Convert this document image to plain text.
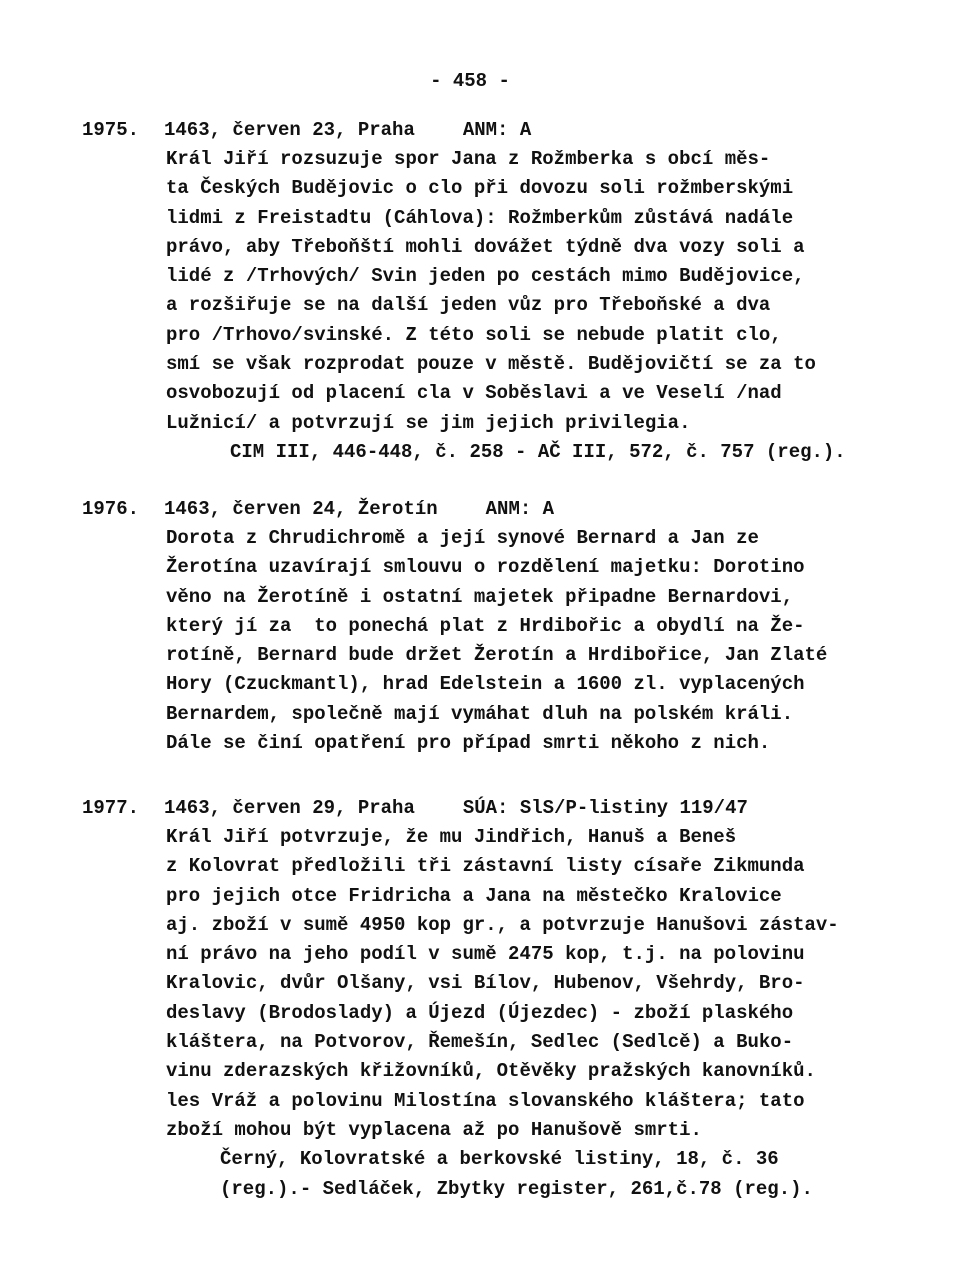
- 458 -
1975.	1463, červen 23, Praha	ANM: A
Král Jiří rozsuzuje spor Jana z Rožmberka s obcí měs-
ta Českých Budějovic o clo při dovozu soli rožmberskými
lidmi z Freistadtu (Cáhlova): Rožmberkům zůstává nadále
právo, aby Třeboňští mohli dovážet týdně dva vozy soli a
lidé z /Trhových/ Svin jeden po cestách mimo Budějovice,
a rozšiřuje se na další jeden vůz pro Třeboňské a dva
pro /Trhovo/svinské. Z této soli se nebude platit clo,
smí se však rozprodat pouze v městě. Budějovičtí se za to
osvobozují od placení cla v Soběslavi a ve Veselí /nad
Lužnicí/ a potvrzují se jim jejich privilegia.
CIM III, 446-448, č. 258 - AČ III, 572, č. 757 (reg.).
1976.	1463, červen 24, Žerotín	ANM: A
Dorota z Chrudichromě a její synové Bernard a Jan ze
Žerotína uzavírají smlouvu o rozdělení majetku: Dorotino
věno na Žerotíně i ostatní majetek připadne Bernardovi,
který jí za  to ponechá plat z Hrdibořic a obydlí na Že-
rotíně, Bernard bude držet Žerotín a Hrdibořice, Jan Zlaté
Hory (Czuckmantl), hrad Edelstein a 1600 zl. vyplacených
Bernardem, společně mají vymáhat dluh na polském králi.
Dále se činí opatření pro případ smrti někoho z nich.
1977.	1463, červen 29, Praha	SÚA: SlS/P-listiny 119/47
Král Jiří potvrzuje, že mu Jindřich, Hanuš a Beneš
z Kolovrat předložili tři zástavní listy císaře Zikmunda
pro jejich otce Fridricha a Jana na městečko Kralovice
aj. zboží v sumě 4950 kop gr., a potvrzuje Hanušovi zástav-
ní právo na jeho podíl v sumě 2475 kop, t.j. na polovinu
Kralovic, dvůr Olšany, vsi Bílov, Hubenov, Všehrdy, Bro-
deslavy (Brodoslady) a Újezd (Újezdec) - zboží plaského
kláštera, na Potvorov, Řemešín, Sedlec (Sedlcě) a Buko-
vinu zderazských křižovníků, Otěvěky pražských kanovníků.
les Vráž a polovinu Milostína slovanského kláštera; tato
zboží mohou být vyplacena až po Hanušově smrti.
Černý, Kolovratské a berkovské listiny, 18, č. 36
(reg.).- Sedláček, Zbytky register, 261,č.78 (reg.).
